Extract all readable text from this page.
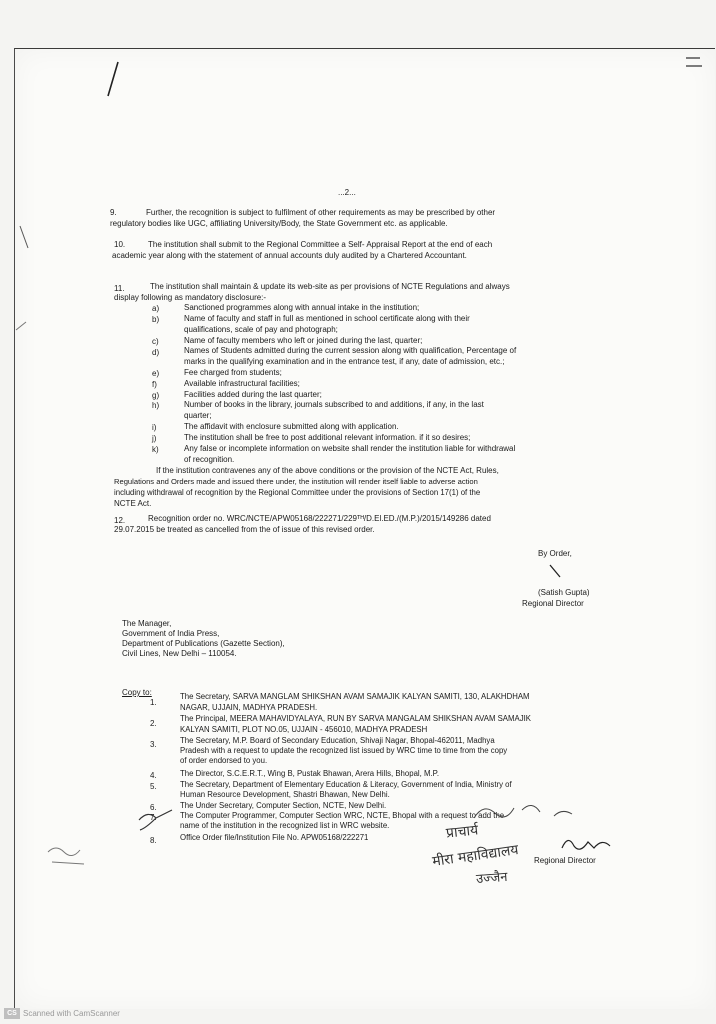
...2...
9.	Further, the recognition is subject to fulfilment of other requirements as may be prescribed by other
regulatory bodies like UGC, affiliating University/Body, the State Government etc. as applicable.
10.	The institution shall submit to the Regional Committee a Self- Appraisal Report at the end of each
academic year along with the statement of annual accounts duly audited by a Chartered Accountant.
11.	The institution shall maintain & update its web-site as per provisions of NCTE Regulations and always
display following as mandatory disclosure:-
a)	Sanctioned programmes along with annual intake in the institution;
b)	Name of faculty and staff in full as mentioned in school certificate along with their
qualifications, scale of pay and photograph;
c)	Name of faculty members who left or joined during the last, quarter;
d)	Names of Students admitted during the current session along with qualification, Percentage of
marks in the qualifying examination and in the entrance test, if any, date of admission, etc.;
e)	Fee charged from students;
f)	Available infrastructural facilities;
g)	Facilities added during the last quarter;
h)	Number of books in the library, journals subscribed to and additions, if any, in the last
quarter;
i)	The affidavit with enclosure submitted along with application.
j)	The institution shall be free to post additional relevant information. if it so desires;
k)	Any false or incomplete information on website shall render the institution liable for withdrawal
of recognition.
If the institution contravenes any of the above conditions or the provision of the NCTE Act, Rules,
Regulations and Orders made and issued there under, the institution will render itself liable to adverse action
including withdrawal of recognition by the Regional Committee under the provisions of Section 17(1) of the
NCTE Act.
12.	Recognition order no. WRC/NCTE/APW05168/222271/229ᵀᴴ/D.El.ED./(M.P.)/2015/149286 dated
29.07.2015 be treated as cancelled from the of issue of this revised order.
By Order,
(Satish Gupta)
Regional Director
The Manager,
Government of India Press,
Department of Publications (Gazette Section),
Civil Lines, New Delhi – 110054.
Copy to:
1.
The Secretary, SARVA MANGLAM SHIKSHAN AVAM SAMAJIK KALYAN SAMITI, 130, ALAKHDHAM
NAGAR, UJJAIN, MADHYA PRADESH.
2.
The Principal, MEERA MAHAVIDYALAYA, RUN BY SARVA MANGALAM SHIKSHAN AVAM SAMAJIK
KALYAN SAMITI, PLOT NO.05, UJJAIN - 456010, MADHYA PRADESH
3.	The Secretary, M.P. Board of Secondary Education, Shivaji Nagar, Bhopal-462011, Madhya
Pradesh with a request to update the recognized list issued by WRC time to time from the copy
of order endorsed to you.
4.	The Director, S.C.E.R.T., Wing B, Pustak Bhawan, Arera Hills, Bhopal, M.P.
5.	The Secretary, Department of Elementary Education & Literacy, Government of India, Ministry of
Human Resource Development, Shastri Bhawan, New Delhi.
6.	The Under Secretary, Computer Section, NCTE, New Delhi.
7.	The Computer Programmer, Computer Section WRC, NCTE, Bhopal with a request to add the
name of the institution in the recognized list in WRC website.
8.	Office Order file/Institution File No. APW05168/222271	प्राचार्य
मीरा महाविद्यालय
उज्जैन
Regional Director
CS Scanned with CamScanner
